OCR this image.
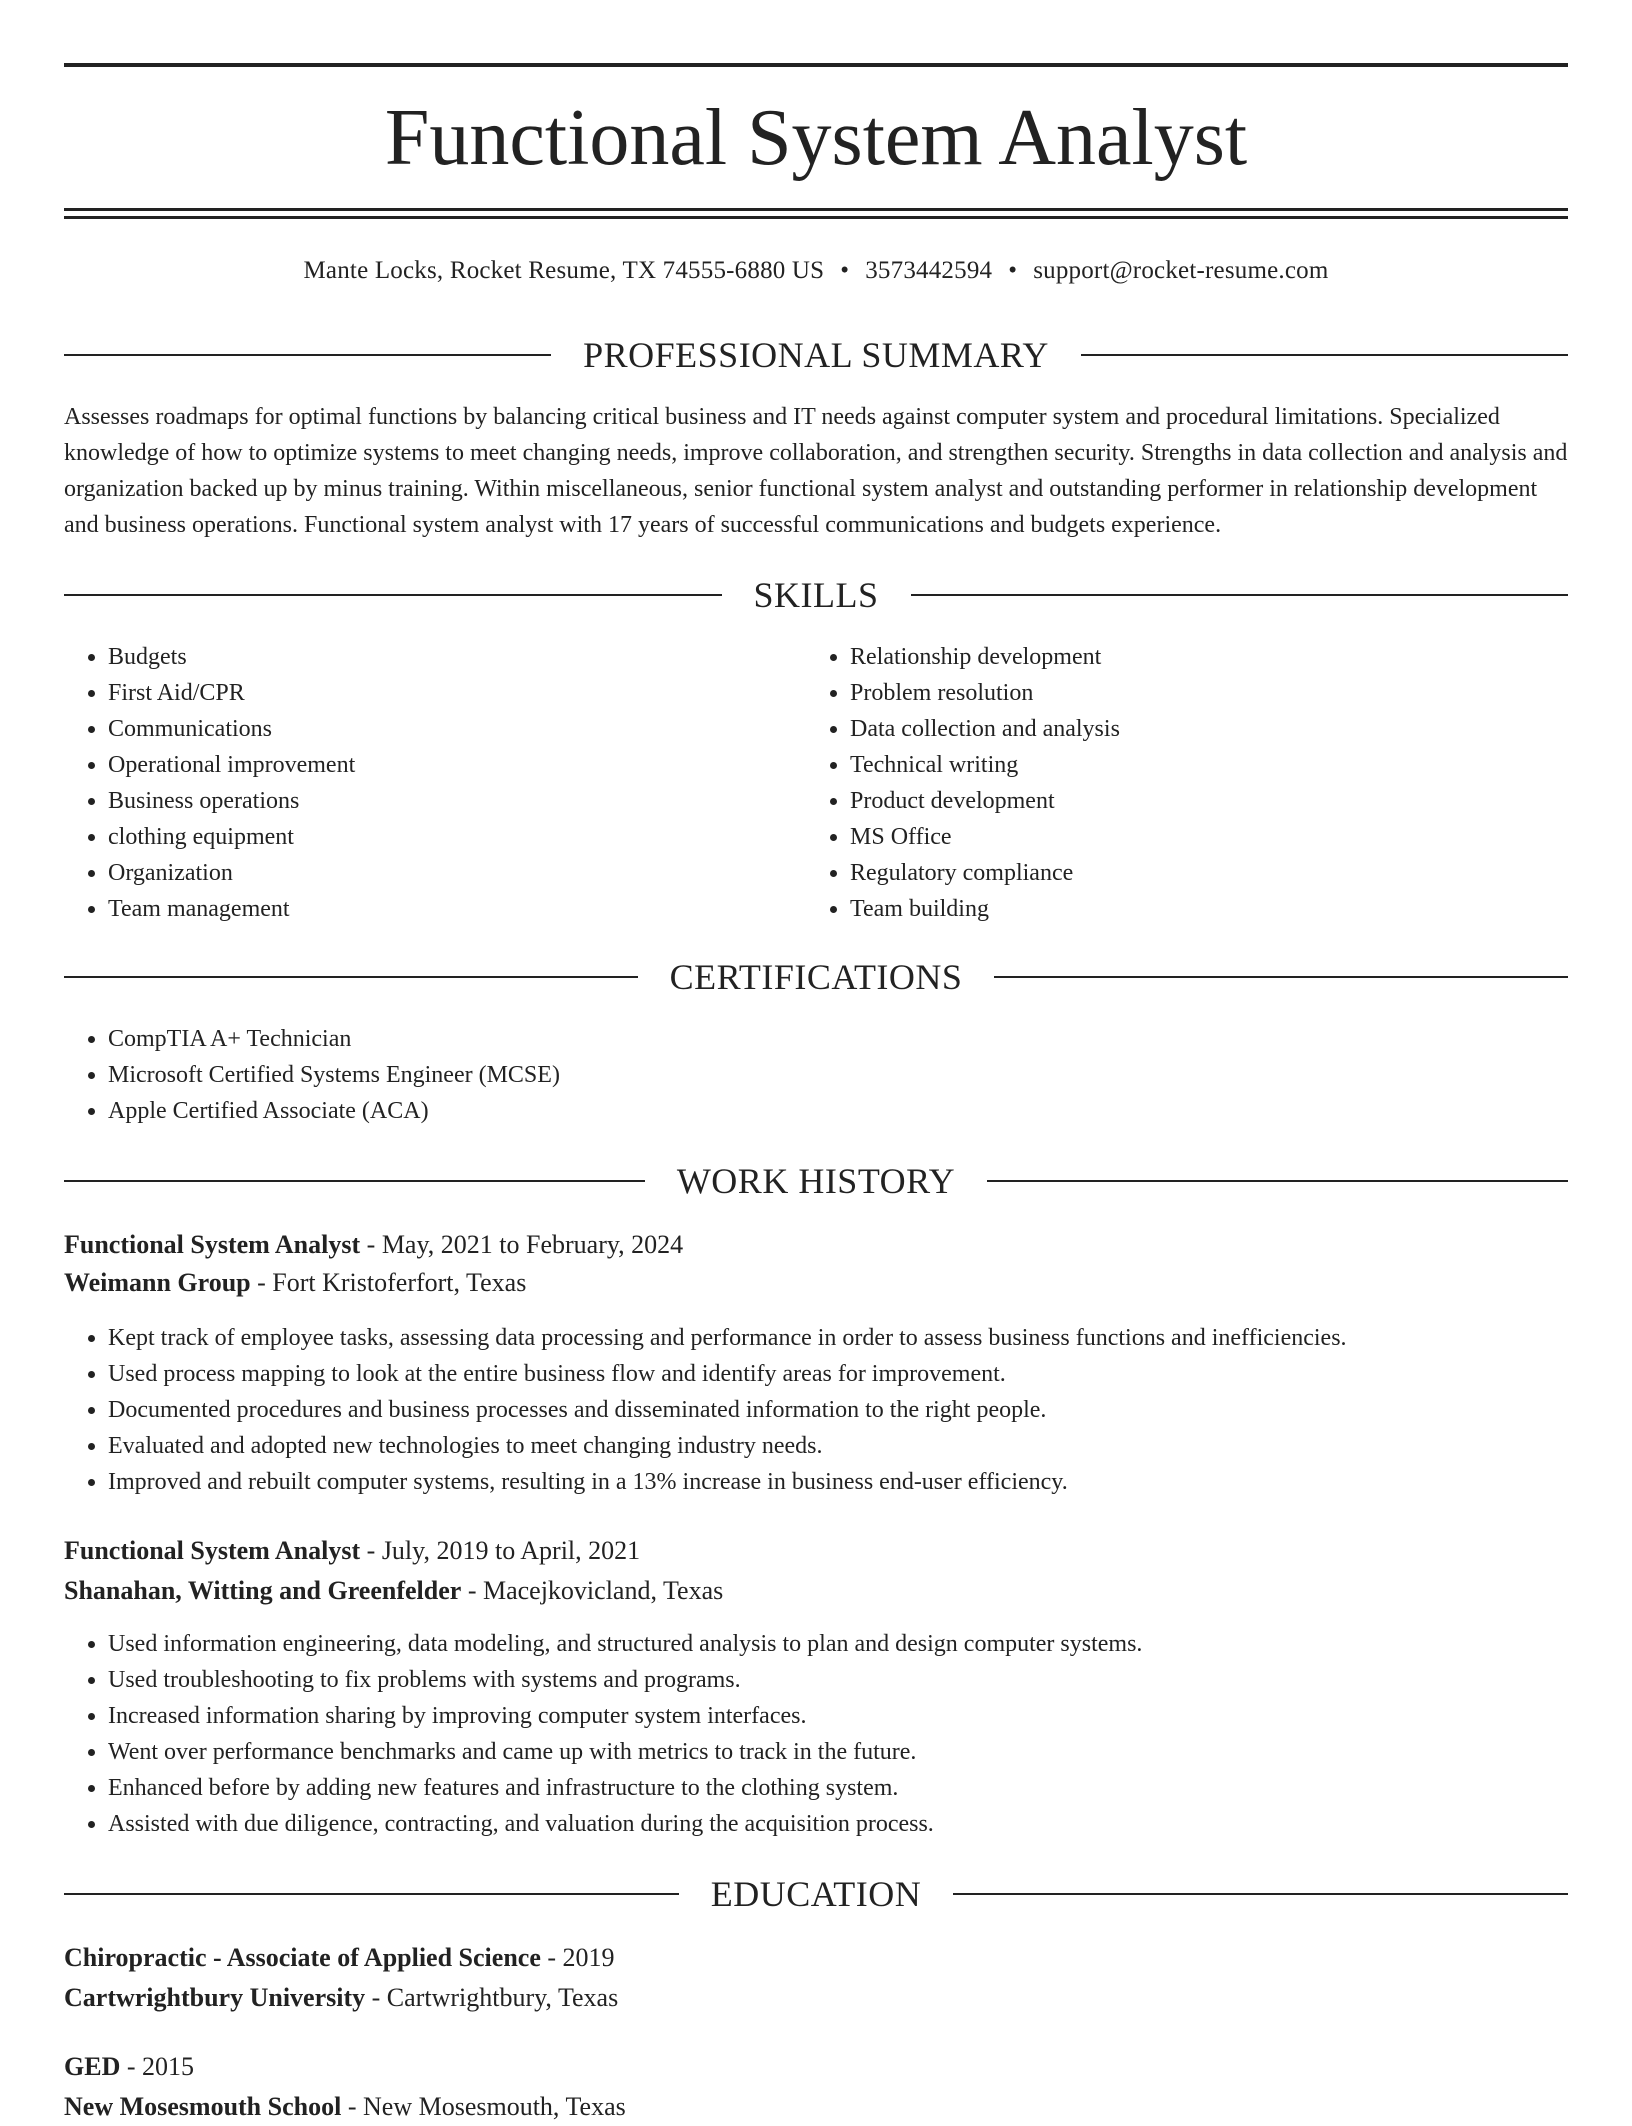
Functional System Analyst
Mante Locks, Rocket Resume, TX 74555-6880 US • 3573442594 • support@rocket-resume.com
PROFESSIONAL SUMMARY

Assesses roadmaps for optimal functions by balancing critical business and IT needs against computer system and procedural limitations. Specialized knowledge of how to optimize systems to meet changing needs, improve collaboration, and strengthen security. Strengths in data collection and analysis and organization backed up by minus training. Within miscellaneous, senior functional system analyst and outstanding performer in relationship development and business operations. Functional system analyst with 17 years of successful communications and budgets experience.

SKILLS
• Budgets
• First Aid/CPR
• Communications
• Operational improvement
• Business operations
• clothing equipment
• Organization
• Team management
• Relationship development
• Problem resolution
• Data collection and analysis
• Technical writing
• Product development
• MS Office
• Regulatory compliance
• Team building
CERTIFICATIONS
• CompTIA A+ Technician
• Microsoft Certified Systems Engineer (MCSE)
• Apple Certified Associate (ACA)
WORK HISTORY
Functional System Analyst - May, 2021 to February, 2024
Weimann Group - Fort Kristoferfort, Texas
• Kept track of employee tasks, assessing data processing and performance in order to assess business functions and inefficiencies.
• Used process mapping to look at the entire business flow and identify areas for improvement.
• Documented procedures and business processes and disseminated information to the right people.
• Evaluated and adopted new technologies to meet changing industry needs.
• Improved and rebuilt computer systems, resulting in a 13% increase in business end-user efficiency.
Functional System Analyst - July, 2019 to April, 2021
Shanahan, Witting and Greenfelder - Macejkovicland, Texas
• Used information engineering, data modeling, and structured analysis to plan and design computer systems.
• Used troubleshooting to fix problems with systems and programs.
• Increased information sharing by improving computer system interfaces.
• Went over performance benchmarks and came up with metrics to track in the future.
• Enhanced before by adding new features and infrastructure to the clothing system.
• Assisted with due diligence, contracting, and valuation during the acquisition process.
EDUCATION
Chiropractic - Associate of Applied Science - 2019
Cartwrightbury University - Cartwrightbury, Texas
GED - 2015
New Mosesmouth School - New Mosesmouth, Texas
